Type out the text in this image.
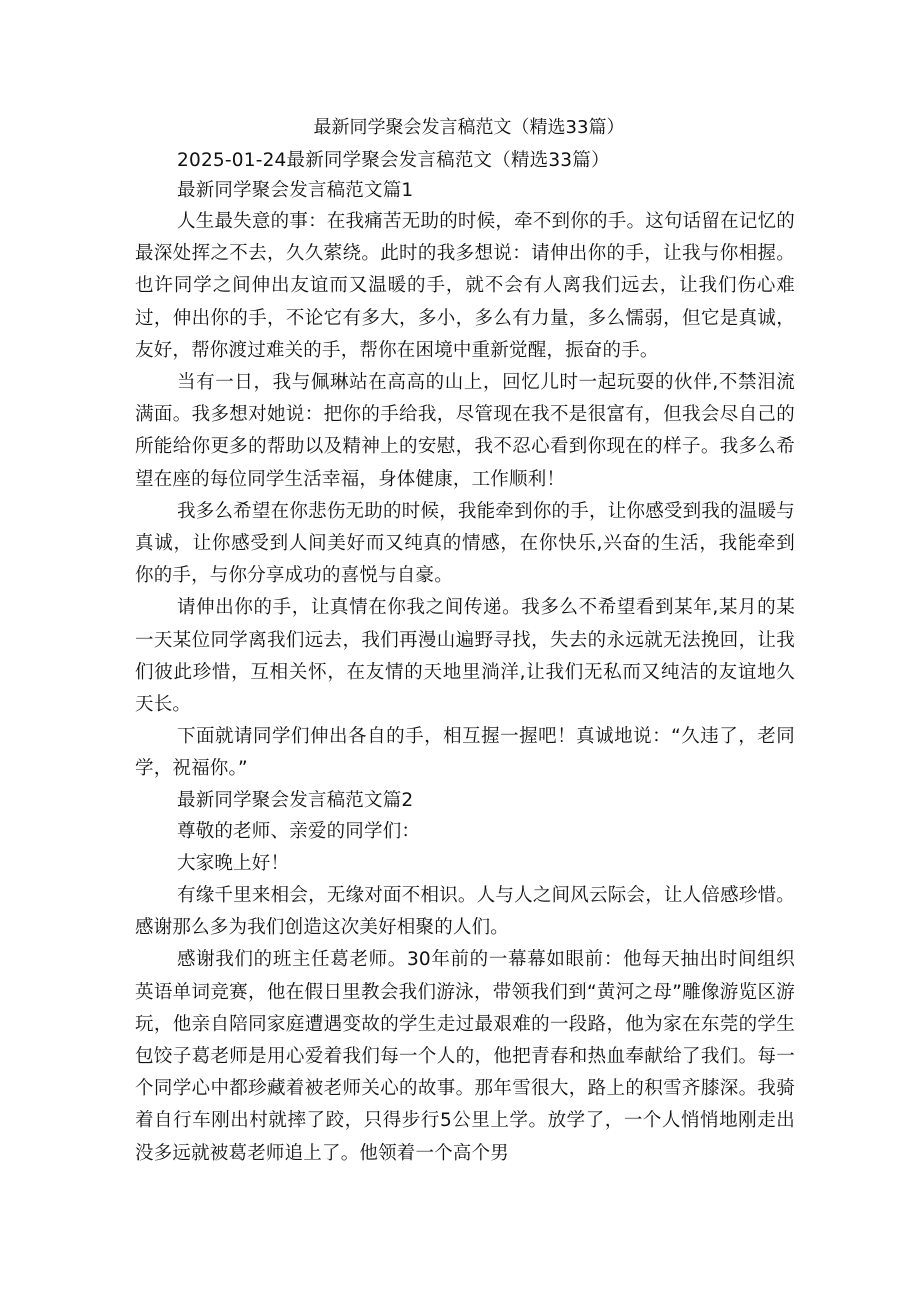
最新同学聚会发言稿范文（精选33篇）

2025-01-24最新同学聚会发言稿范文（精选33篇）

最新同学聚会发言稿范文篇1

人生最失意的事：在我痛苦无助的时候，牵不到你的手。这句话留在记忆的最深处挥之不去，久久萦绕。此时的我多想说：请伸出你的手，让我与你相握。也许同学之间伸出友谊而又温暖的手，就不会有人离我们远去，让我们伤心难过，伸出你的手，不论它有多大，多小，多么有力量，多么懦弱，但它是真诚，友好，帮你渡过难关的手，帮你在困境中重新觉醒，振奋的手。

当有一日，我与佩琳站在高高的山上，回忆儿时一起玩耍的伙伴,不禁泪流满面。我多想对她说：把你的手给我，尽管现在我不是很富有，但我会尽自己的所能给你更多的帮助以及精神上的安慰，我不忍心看到你现在的样子。我多么希望在座的每位同学生活幸福，身体健康，工作顺利！

我多么希望在你悲伤无助的时候，我能牵到你的手，让你感受到我的温暖与真诚，让你感受到人间美好而又纯真的情感，在你快乐,兴奋的生活，我能牵到你的手，与你分享成功的喜悦与自豪。

请伸出你的手，让真情在你我之间传递。我多么不希望看到某年,某月的某一天某位同学离我们远去，我们再漫山遍野寻找，失去的永远就无法挽回，让我们彼此珍惜，互相关怀，在友情的天地里淌洋,让我们无私而又纯洁的友谊地久天长。

下面就请同学们伸出各自的手，相互握一握吧！真诚地说：“久违了，老同学，祝福你。”

最新同学聚会发言稿范文篇2

尊敬的老师、亲爱的同学们：

大家晚上好！

有缘千里来相会，无缘对面不相识。人与人之间风云际会，让人倍感珍惜。感谢那么多为我们创造这次美好相聚的人们。

感谢我们的班主任葛老师。30年前的一幕幕如眼前：他每天抽出时间组织英语单词竞赛，他在假日里教会我们游泳，带领我们到“黄河之母”雕像游览区游玩，他亲自陪同家庭遭遇变故的学生走过最艰难的一段路，他为家在东莞的学生包饺子葛老师是用心爱着我们每一个人的，他把青春和热血奉献给了我们。每一个同学心中都珍藏着被老师关心的故事。那年雪很大，路上的积雪齐膝深。我骑着自行车刚出村就摔了跤，只得步行5公里上学。放学了，一个人悄悄地刚走出没多远就被葛老师追上了。他领着一个高个男
